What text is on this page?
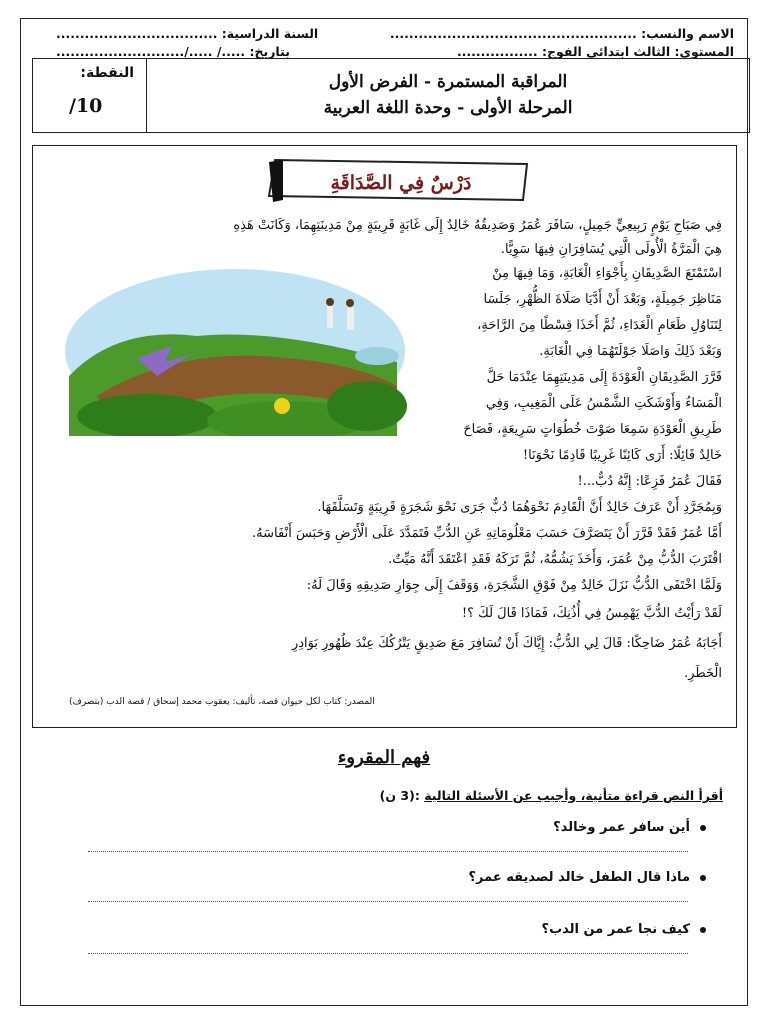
الاسم والنسب: ....................................................
المستوى: الثالث ابتدائي الفوج: .................
السنة الدراسية: ..................................
بتاريخ: ...../ ...../...........................
النقطة:
10/
المراقبة المستمرة - الفرض الأول
المرحلة الأولى - وحدة اللغة العربية
دَرْسٌ فِي الصَّدَاقَةِ

فِي صَبَاحِ يَوْمٍ رَبِيعِيٍّ جَمِيلٍ، سَافَرَ عُمَرُ وَصَدِيقُهُ خَالِدٌ إِلَى غَابَةٍ قَرِيبَةٍ مِنْ مَدِينَتِهِمَا، وَكَانَتْ هَذِهِ

هِيَ الْمَرَّةُ الْأُولَى الَّتِي يُسَافِرَانِ فِيهَا سَوِيًّا.

اسْتَمْتَعَ الصَّدِيقَانِ بِأَجْوَاءِ الْغَابَةِ، وَمَا فِيهَا مِنْ

مَنَاظِرَ جَمِيلَةٍ، وَبَعْدَ أَنْ أَدَّيَا صَلَاةَ الظُّهْرِ، جَلَسَا

لِتَنَاوُلِ طَعَامِ الْغَدَاءِ، ثُمَّ أَخَذَا قِسْطًا مِنَ الرَّاحَةِ،

وَبَعْدَ ذَلِكَ وَاصَلَا جَوْلَتَهُمَا فِي الْغَابَةِ.

قَرَّرَ الصَّدِيقَانِ الْعَوْدَةَ إِلَى مَدِينَتِهِمَا عِنْدَمَا حَلَّ

الْمَسَاءُ وَأَوْشَكَتِ الشَّمْسُ عَلَى الْمَغِيبِ، وَفِي

طَرِيقِ الْعَوْدَةِ سَمِعَا صَوْتَ خُطُوَاتٍ سَرِيعَةٍ، فَصَاحَ

خَالِدٌ قَائِلًا: أَرَى كَائِنًا غَرِيبًا قَادِمًا نَحْوَنَا!

فَقَالَ عُمَرُ فَزِعًا: إِنَّهُ دُبٌّ...!

وَبِمُجَرَّدِ أَنْ عَرَفَ خَالِدٌ أَنَّ الْقَادِمَ نَحْوَهُمَا دُبٌّ جَرَى نَحْوَ شَجَرَةٍ قَرِيبَةٍ وَتَسَلَّقَهَا.

أَمَّا عُمَرُ فَقَدْ قَرَّرَ أَنْ يَتَصَرَّفَ حَسَبَ مَعْلُومَاتِهِ عَنِ الدُّبِّ فَتَمَدَّدَ عَلَى الْأَرْضِ وَحَبَسَ أَنْفَاسَهُ.

اقْتَرَبَ الدُّبُّ مِنْ عُمَرَ، وَأَخَذَ يَشُمُّهُ، ثُمَّ تَرَكَهُ فَقَدِ اعْتَقَدَ أَنَّهُ مَيِّتٌ.

وَلَمَّا اخْتَفَى الدُّبُّ نَزَلَ خَالِدٌ مِنْ فَوْقِ الشَّجَرَةِ، وَوَقَفَ إِلَى جِوَارِ صَدِيقِهِ وَقَالَ لَهُ:

لَقَدْ رَأَيْتُ الدُّبَّ يَهْمِسُ فِي أُذُنِكَ، فَمَاذَا قَالَ لَكَ ؟!

أَجَابَهُ عُمَرُ ضَاحِكًا: قَالَ لِي الدُّبُّ: إِيَّاكَ أَنْ تُسَافِرَ مَعَ صَدِيقٍ يَتْرُكُكَ عِنْدَ ظُهُورِ بَوَادِرِ

الْخَطَرِ.

المصدر: كتاب لكل حيوان قصة، تأليف: يعقوب محمد إسحاق / قصة الدب (بتصرف)
فهم المقروء
أقرأ النص قراءة متأنية، وأجيب عن الأسئلة التالية :(3 ن)
أين سافر عمر وخالد؟
ماذا قال الطفل خالد لصديقه عمر؟
كيف نجا عمر من الدب؟
